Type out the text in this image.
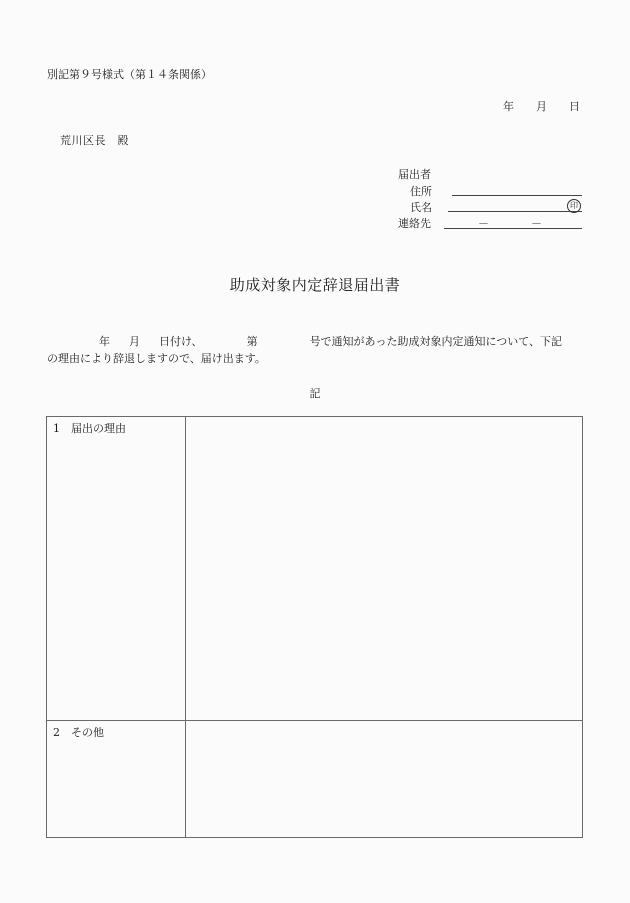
別記第９号様式（第１４条関係）
年 月 日
荒川区長　殿
届出者
住所
氏名	印
連絡先	－	－
助成対象内定辞退届出書
年 月 日付け、	第	号で通知があった助成対象内定通知について、下記
の理由により辞退しますので、届け出ます。
記
1　届出の理由	
2　その他	
